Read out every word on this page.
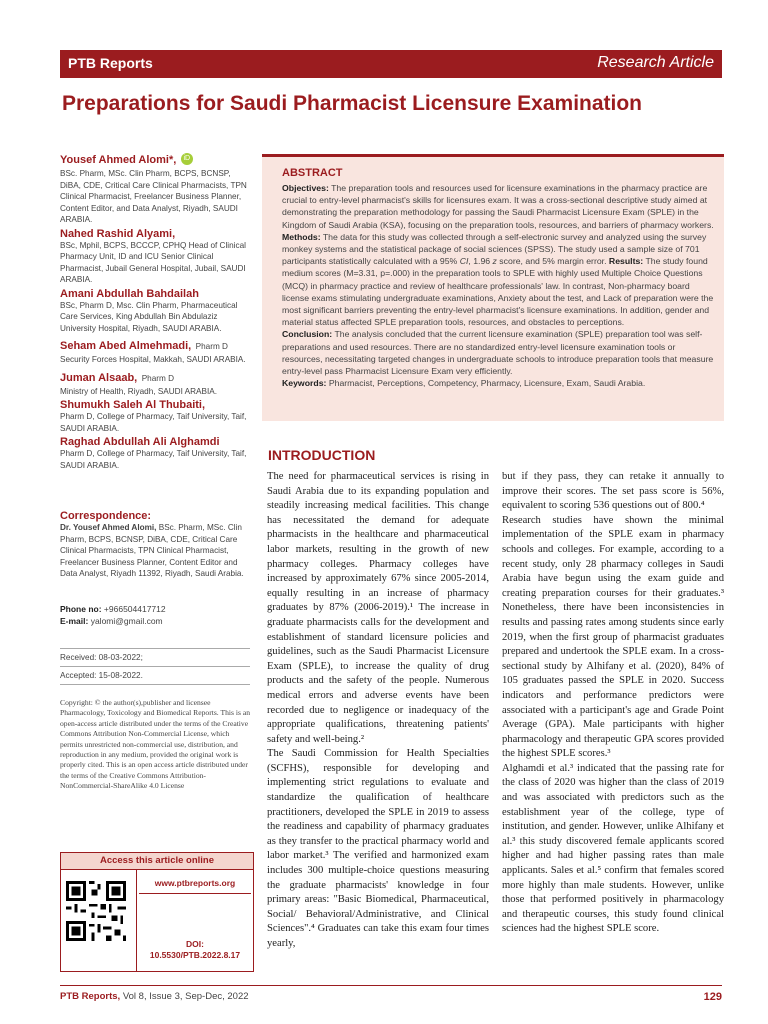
PTB Reports	Research Article
Preparations for Saudi Pharmacist Licensure Examination
Yousef Ahmed Alomi*, iD
BSc. Pharm, MSc. Clin Pharm, BCPS, BCNSP, DiBA, CDE, Critical Care Clinical Pharmacists, TPN Clinical Pharmacist, Freelancer Business Planner, Content Editor, and Data Analyst, Riyadh, SAUDI ARABIA.
Nahed Rashid Alyami,
BSc, Mphil, BCPS, BCCCP, CPHQ Head of Clinical Pharmacy Unit, ID and ICU Senior Clinical Pharmacist, Jubail General Hospital, Jubail, SAUDI ARABIA.
Amani Abdullah Bahdailah
BSc, Pharm D, Msc. Clin Pharm, Pharmaceutical Care Services, King Abdullah Bin Abdulaziz University Hospital, Riyadh, SAUDI ARABIA.
Seham Abed Almehmadi, Pharm D
Security Forces Hospital, Makkah, SAUDI ARABIA.
Juman Alsaab, Pharm D
Ministry of Health, Riyadh, SAUDI ARABIA.
Shumukh Saleh Al Thubaiti,
Pharm D, College of Pharmacy, Taif University, Taif, SAUDI ARABIA.
Raghad Abdullah Ali Alghamdi
Pharm D, College of Pharmacy, Taif University, Taif, SAUDI ARABIA.
Correspondence:
Dr. Yousef Ahmed Alomi, BSc. Pharm, MSc. Clin Pharm, BCPS, BCNSP, DiBA, CDE, Critical Care Clinical Pharmacists, TPN Clinical Pharmacist, Freelancer Business Planner, Content Editor and Data Analyst, Riyadh 11392, Riyadh, Saudi Arabia.
Phone no: +966504417712
E-mail: yalomi@gmail.com
Received: 08-03-2022;
Accepted: 15-08-2022.
Copyright: © the author(s),publisher and licensee Pharmacology, Toxicology and Biomedical Reports. This is an open-access article distributed under the terms of the Creative Commons Attribution Non-Commercial License, which permits unrestricted non-commercial use, distribution, and reproduction in any medium, provided the original work is properly cited. This is an open access article distributed under the terms of the Creative Commons Attribution-NonCommercial-ShareAlike 4.0 License
Access this article online
www.ptbreports.org
DOI:
10.5530/PTB.2022.8.17
ABSTRACT
Objectives: The preparation tools and resources used for licensure examinations in the pharmacy practice are crucial to entry-level pharmacist's skills for licensures exam. It was a cross-sectional descriptive study aimed at demonstrating the preparation methodology for passing the Saudi Pharmacist Licensure Exam (SPLE) in the Kingdom of Saudi Arabia (KSA), focusing on the preparation tools, resources, and barriers of pharmacy workers. Methods: The data for this study was collected through a self-electronic survey and analyzed using the survey monkey systems and the statistical package of social sciences (SPSS). The study used a sample size of 701 participants statistically calculated with a 95% CI, 1.96 z score, and 5% margin error. Results: The study found medium scores (M=3.31, p=.000) in the preparation tools to SPLE with highly used Multiple Choice Questions (MCQ) in pharmacy practice and review of healthcare professionals' law. In contrast, Non-pharmacy board license exams stimulating undergraduate examinations, Anxiety about the test, and Lack of preparation were the most significant barriers preventing the entry-level pharmacist's licensure examinations. In addition, gender and material status affected SPLE preparation tools, resources, and obstacles to perceptions.
Conclusion: The analysis concluded that the current licensure examination (SPLE) preparation tool was self-preparations and used resources. There are no standardized entry-level licensure examination tools or resources, necessitating targeted changes in undergraduate schools to introduce preparation tools that measure entry-level pass Pharmacist Licensure Exam very efficiently.
Keywords: Pharmacist, Perceptions, Competency, Pharmacy, Licensure, Exam, Saudi Arabia.
INTRODUCTION

The need for pharmaceutical services is rising in Saudi Arabia due to its expanding population and steadily increasing medical facilities. This change has necessitated the demand for adequate pharmacists in the healthcare and pharmaceutical labor markets, resulting in the growth of new pharmacy colleges. Pharmacy colleges have increased by approximately 67% since 2005-2014, equally resulting in an increase of pharmacy graduates by 87% (2006-2019).¹ The increase in graduate pharmacists calls for the development and establishment of standard licensure policies and guidelines, such as the Saudi Pharmacist Licensure Exam (SPLE), to increase the quality of drug products and the safety of the people. Numerous medical errors and adverse events have been recorded due to negligence or inadequacy of the appropriate qualifications, threatening patients' safety and well-being.²

The Saudi Commission for Health Specialties (SCFHS), responsible for developing and implementing strict regulations to evaluate and standardize the qualification of healthcare practitioners, developed the SPLE in 2019 to assess the readiness and capability of pharmacy graduates as they transfer to the practical pharmacy world and labor market.³ The verified and harmonized exam includes 300 multiple-choice questions measuring the graduate pharmacists' knowledge in four primary areas: "Basic Biomedical, Pharmaceutical, Social/ Behavioral/Administrative, and Clinical Sciences".⁴ Graduates can take this exam four times yearly,

but if they pass, they can retake it annually to improve their scores. The set pass score is 56%, equivalent to scoring 536 questions out of 800.⁴

Research studies have shown the minimal implementation of the SPLE exam in pharmacy schools and colleges. For example, according to a recent study, only 28 pharmacy colleges in Saudi Arabia have begun using the exam guide and creating preparation courses for their graduates.³ Nonetheless, there have been inconsistencies in results and passing rates among students since early 2019, when the first group of pharmacist graduates prepared and undertook the SPLE exam. In a cross-sectional study by Alhifany et al. (2020), 84% of 105 graduates passed the SPLE in 2020. Success indicators and performance predictors were associated with a participant's age and Grade Point Average (GPA). Male participants with higher pharmacology and therapeutic GPA scores provided the highest SPLE scores.³

Alghamdi et al.³ indicated that the passing rate for the class of 2020 was higher than the class of 2019 and was associated with predictors such as the establishment year of the college, type of institution, and gender. However, unlike Alhifany et al.³ this study discovered female applicants scored higher and had higher passing rates than male applicants. Sales et al.⁵ confirm that females scored more highly than male students. However, unlike those that performed positively in pharmacology and therapeutic courses, this study found clinical sciences had the highest SPLE score.

PTB Reports, Vol 8, Issue 3, Sep-Dec, 2022	129
